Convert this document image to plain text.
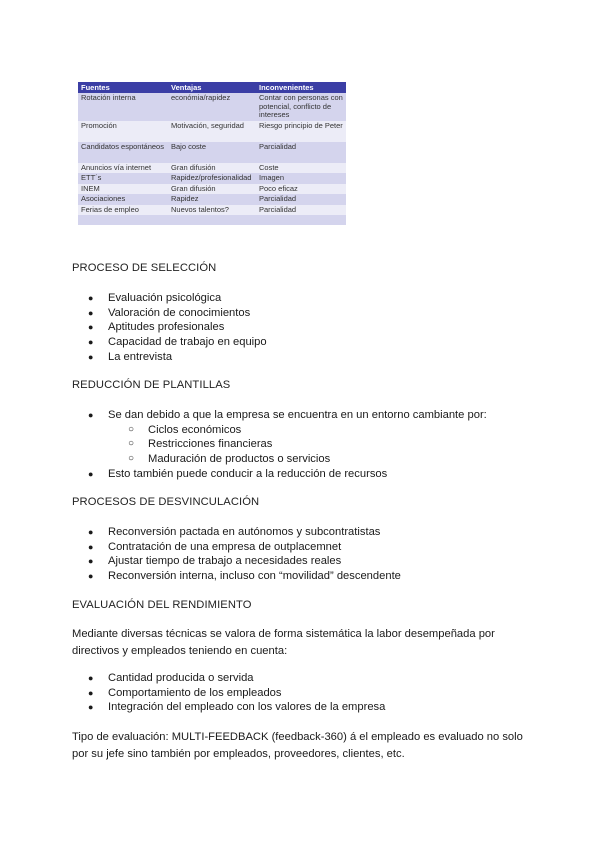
Fuentes	Ventajas	Inconvenientes
Rotación interna	económia/rapidez	Contar con personas con potencial, conflicto de intereses
Promoción	Motivación, seguridad	Riesgo principio de Peter
Candidatos espontáneos	Bajo coste	Parcialidad
Anuncios vía internet	Gran difusión	Coste
ETT´s	Rapidez/profesionalidad	Imagen
INEM	Gran difusión	Poco eficaz
Asociaciones	Rapidez	Parcialidad
Ferias de empleo	Nuevos talentos?	Parcialidad

PROCESO DE SELECCIÓN
● Evaluación psicológica
● Valoración de conocimientos
● Aptitudes profesionales
● Capacidad de trabajo en equipo
● La entrevista
REDUCCIÓN DE PLANTILLAS
● Se dan debido a que la empresa se encuentra en un entorno cambiante por:
○ Ciclos económicos
○ Restricciones financieras
○ Maduración de productos o servicios
● Esto también puede conducir a la reducción de recursos
PROCESOS DE DESVINCULACIÓN
● Reconversión pactada en autónomos y subcontratistas
● Contratación de una empresa de outplacemnet
● Ajustar tiempo de trabajo a necesidades reales
● Reconversión interna, incluso con “movilidad” descendente
EVALUACIÓN DEL RENDIMIENTO
Mediante diversas técnicas se valora de forma sistemática la labor desempeñada por directivos y empleados teniendo en cuenta:
● Cantidad producida o servida
● Comportamiento de los empleados
● Integración del empleado con los valores de la empresa
Tipo de evaluación: MULTI-FEEDBACK (feedback-360) á el empleado es evaluado no solo por su jefe sino también por empleados, proveedores, clientes, etc.
